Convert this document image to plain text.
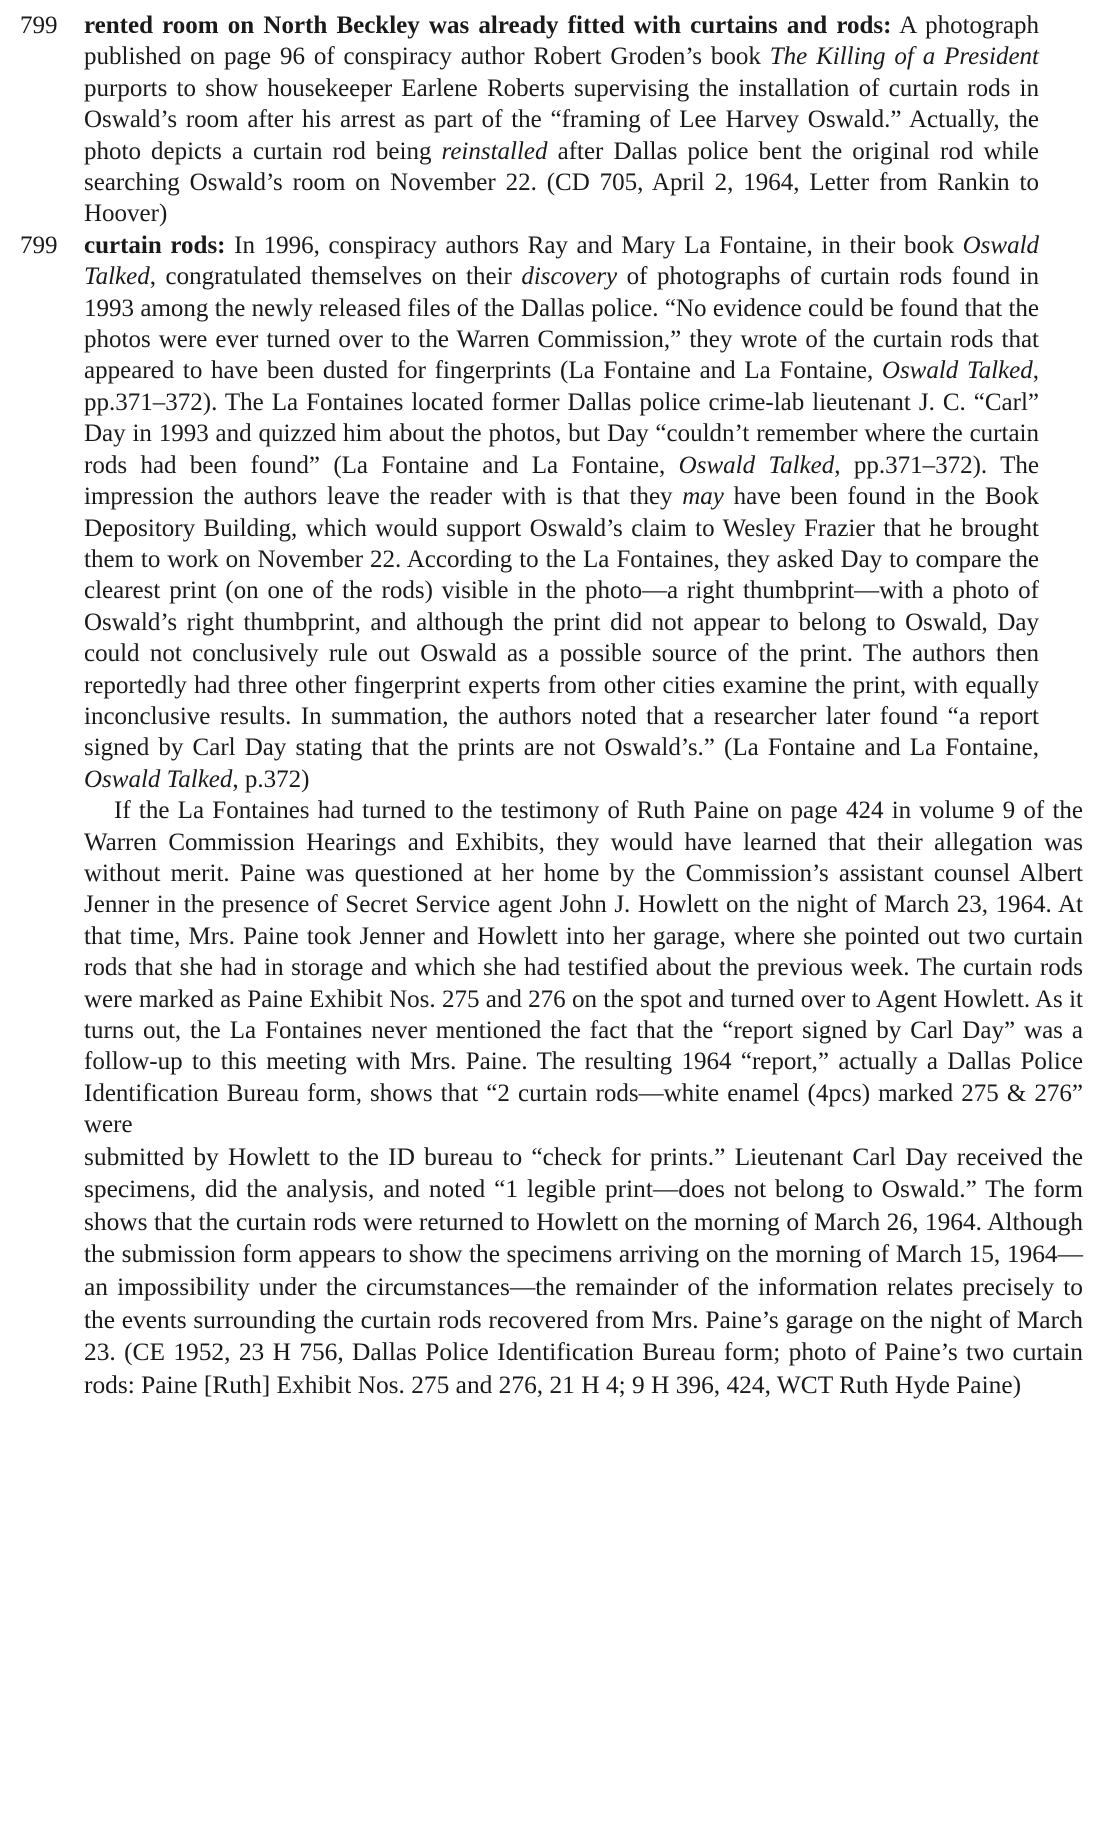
799 rented room on North Beckley was already fitted with curtains and rods: A photograph published on page 96 of conspiracy author Robert Groden’s book The Killing of a President purports to show housekeeper Earlene Roberts supervising the installation of curtain rods in Oswald’s room after his arrest as part of the “framing of Lee Harvey Oswald.” Actually, the photo depicts a curtain rod being reinstalled after Dallas police bent the original rod while searching Oswald’s room on November 22. (CD 705, April 2, 1964, Letter from Rankin to Hoover)

799 curtain rods: In 1996, conspiracy authors Ray and Mary La Fontaine, in their book Oswald Talked, congratulated themselves on their discovery of photographs of curtain rods found in 1993 among the newly released files of the Dallas police. “No evidence could be found that the photos were ever turned over to the Warren Commission,” they wrote of the curtain rods that appeared to have been dusted for fingerprints (La Fontaine and La Fontaine, Oswald Talked, pp.371–372). The La Fontaines located former Dallas police crime-lab lieutenant J. C. “Carl” Day in 1993 and quizzed him about the photos, but Day “couldn’t remember where the curtain rods had been found” (La Fontaine and La Fontaine, Oswald Talked, pp.371–372). The impression the authors leave the reader with is that they may have been found in the Book Depository Building, which would support Oswald’s claim to Wesley Frazier that he brought them to work on November 22. According to the La Fontaines, they asked Day to compare the clearest print (on one of the rods) visible in the photo—a right thumbprint—with a photo of Oswald’s right thumbprint, and although the print did not appear to belong to Oswald, Day could not conclusively rule out Oswald as a possible source of the print. The authors then reportedly had three other fingerprint experts from other cities examine the print, with equally inconclusive results. In summation, the authors noted that a researcher later found “a report signed by Carl Day stating that the prints are not Oswald’s.” (La Fontaine and La Fontaine, Oswald Talked, p.372)

If the La Fontaines had turned to the testimony of Ruth Paine on page 424 in volume 9 of the Warren Commission Hearings and Exhibits, they would have learned that their allegation was without merit. Paine was questioned at her home by the Commission’s assistant counsel Albert Jenner in the presence of Secret Service agent John J. Howlett on the night of March 23, 1964. At that time, Mrs. Paine took Jenner and Howlett into her garage, where she pointed out two curtain rods that she had in storage and which she had testified about the previous week. The curtain rods were marked as Paine Exhibit Nos. 275 and 276 on the spot and turned over to Agent Howlett. As it turns out, the La Fontaines never mentioned the fact that the “report signed by Carl Day” was a follow-up to this meeting with Mrs. Paine. The resulting 1964 “report,” actually a Dallas Police Identification Bureau form, shows that “2 curtain rods—white enamel (4pcs) marked 275 & 276” were

submitted by Howlett to the ID bureau to “check for prints.” Lieutenant Carl Day received the specimens, did the analysis, and noted “1 legible print—does not belong to Oswald.” The form shows that the curtain rods were returned to Howlett on the morning of March 26, 1964. Although the submission form appears to show the specimens arriving on the morning of March 15, 1964—an impossibility under the circumstances—the remainder of the information relates precisely to the events surrounding the curtain rods recovered from Mrs. Paine’s garage on the night of March 23. (CE 1952, 23 H 756, Dallas Police Identification Bureau form; photo of Paine’s two curtain rods: Paine [Ruth] Exhibit Nos. 275 and 276, 21 H 4; 9 H 396, 424, WCT Ruth Hyde Paine)
